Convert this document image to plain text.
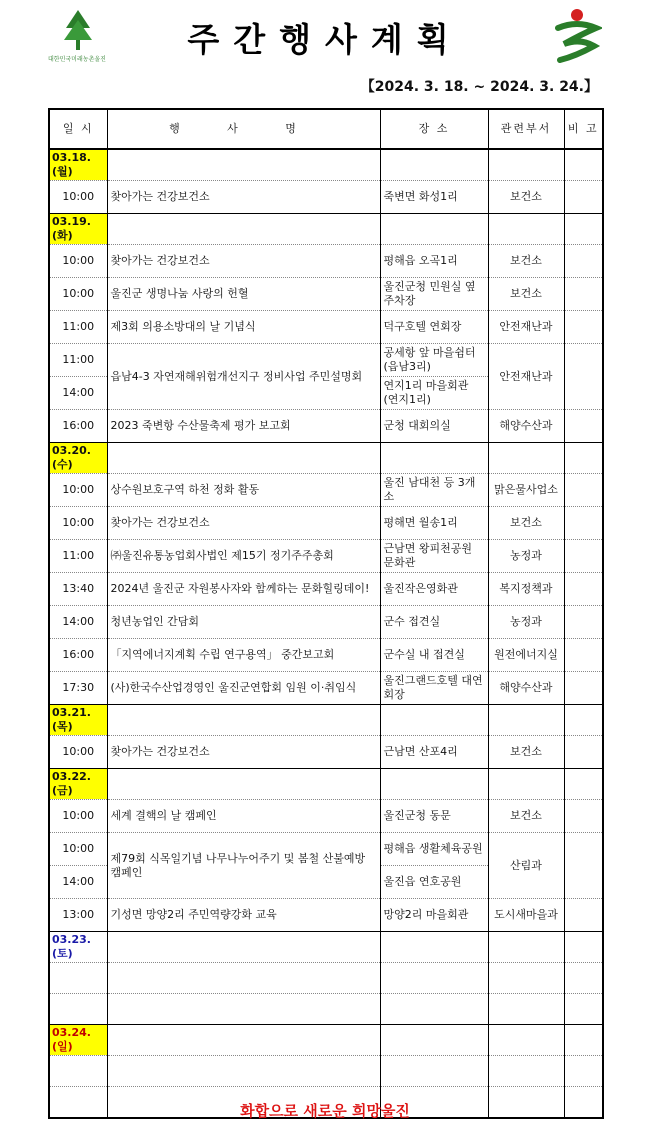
대한민국미래농촌울진
주간행사계획
【2024. 3. 18. ~ 2024. 3. 24.】
일 시	행 사 명	장 소	관련부서	비 고
03.18.(월)				
10:00	찾아가는 건강보건소	죽변면 화성1리	보건소	
03.19.(화)				
10:00	찾아가는 건강보건소	평해읍 오곡1리	보건소	
10:00	울진군 생명나눔 사랑의 헌혈	울진군청 민원실 옆 주차장	보건소	
11:00	제3회 의용소방대의 날 기념식	덕구호텔 연회장	안전재난과	
11:00	읍남4-3 자연재해위험개선지구 정비사업 주민설명회	공세항 앞 마을쉼터(읍남3리)	안전재난과	
14:00		연지1리 마을회관 (연지1리)		
16:00	2023 죽변항 수산물축제 평가 보고회	군청 대회의실	해양수산과	
03.20.(수)				
10:00	상수원보호구역 하천 정화 활동	울진 남대천 등 3개소	맑은물사업소	
10:00	찾아가는 건강보건소	평해면 월송1리	보건소	
11:00	㈜울진유통농업회사법인 제15기 정기주주총회	근남면 왕피천공원 문화관	농정과	
13:40	2024년 울진군 자원봉사자와 함께하는 문화힐링데이!	울진작은영화관	복지정책과	
14:00	청년농업인 간담회	군수 접견실	농정과	
16:00	「지역에너지계획 수립 연구용역」 중간보고회	군수실 내 접견실	원전에너지실	
17:30	(사)한국수산업경영인 울진군연합회 임원 이·취임식	울진그랜드호텔 대연회장	해양수산과	
03.21.(목)				
10:00	찾아가는 건강보건소	근남면 산포4리	보건소	
03.22.(금)				
10:00	세계 결핵의 날 캠페인	울진군청 동문	보건소	
10:00	제79회 식목일기념 나무나누어주기 및 봄철 산불예방 캠페인	평해읍 생활체육공원	산림과	
14:00		울진읍 연호공원		
13:00	기성면 망양2리 주민역량강화 교육	망양2리 마을회관	도시새마을과	
03.23.(토)				

03.24.(일)				

화합으로 새로운 희망울진
